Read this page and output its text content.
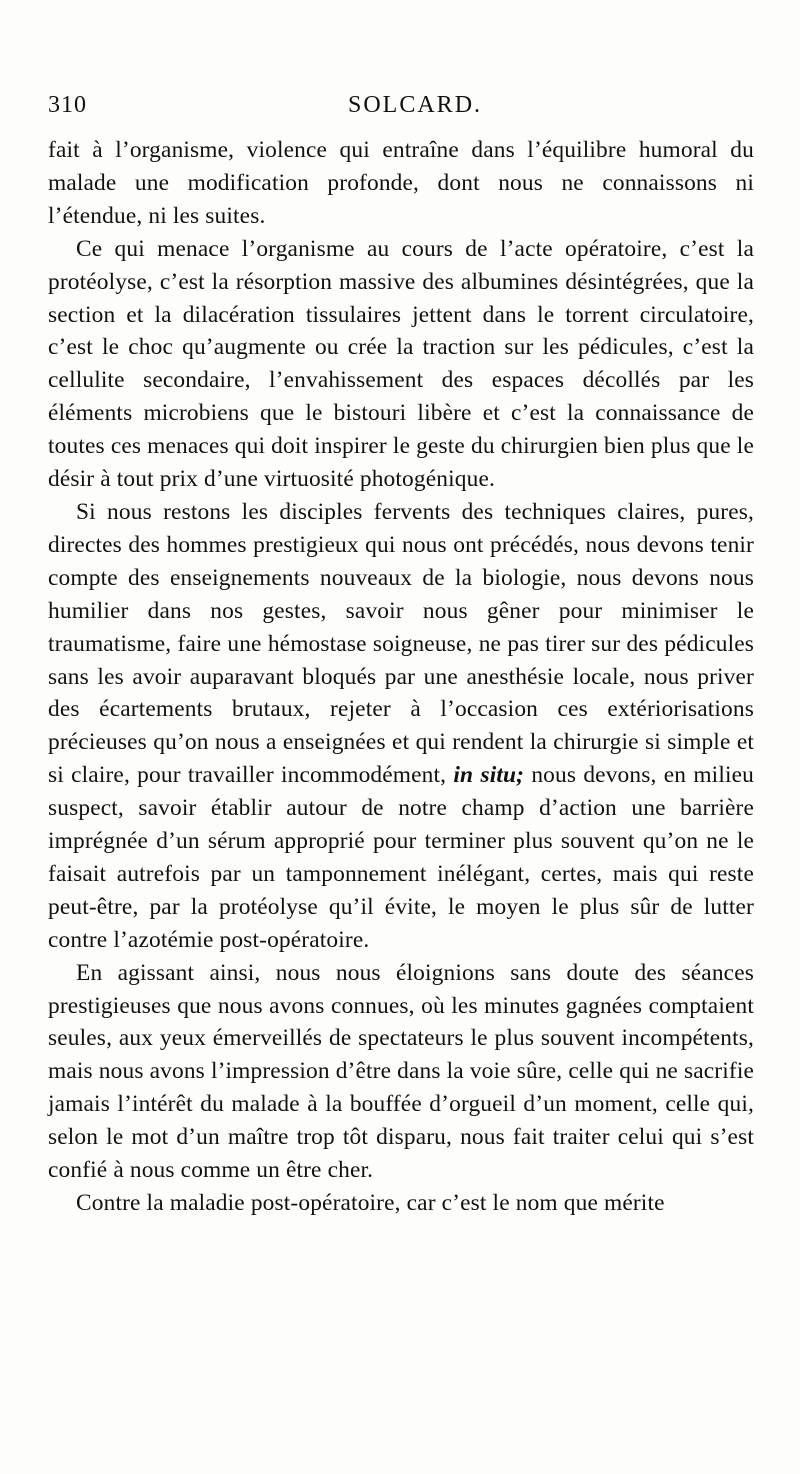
310	SOLCARD.

fait à l’organisme, violence qui entraîne dans l’équilibre humoral du malade une modification profonde, dont nous ne connaissons ni l’étendue, ni les suites.

Ce qui menace l’organisme au cours de l’acte opératoire, c’est la protéolyse, c’est la résorption massive des albumines désintégrées, que la section et la dilacération tissulaires jettent dans le torrent circulatoire, c’est le choc qu’augmente ou crée la traction sur les pédicules, c’est la cellulite secondaire, l’envahissement des espaces décollés par les éléments microbiens que le bistouri libère et c’est la connaissance de toutes ces menaces qui doit inspirer le geste du chirurgien bien plus que le désir à tout prix d’une virtuosité photogénique.

Si nous restons les disciples fervents des techniques claires, pures, directes des hommes prestigieux qui nous ont précédés, nous devons tenir compte des enseignements nouveaux de la biologie, nous devons nous humilier dans nos gestes, savoir nous gêner pour minimiser le traumatisme, faire une hémostase soigneuse, ne pas tirer sur des pédicules sans les avoir auparavant bloqués par une anesthésie locale, nous priver des écartements brutaux, rejeter à l’occasion ces extériorisations précieuses qu’on nous a enseignées et qui rendent la chirurgie si simple et si claire, pour travailler incommodément, in situ; nous devons, en milieu suspect, savoir établir autour de notre champ d’action une barrière imprégnée d’un sérum approprié pour terminer plus souvent qu’on ne le faisait autrefois par un tamponnement inélégant, certes, mais qui reste peut-être, par la protéolyse qu’il évite, le moyen le plus sûr de lutter contre l’azotémie post-opératoire.

En agissant ainsi, nous nous éloignions sans doute des séances prestigieuses que nous avons connues, où les minutes gagnées comptaient seules, aux yeux émerveillés de spectateurs le plus souvent incompétents, mais nous avons l’impression d’être dans la voie sûre, celle qui ne sacrifie jamais l’intérêt du malade à la bouffée d’orgueil d’un moment, celle qui, selon le mot d’un maître trop tôt disparu, nous fait traiter celui qui s’est confié à nous comme un être cher.

Contre la maladie post-opératoire, car c’est le nom que mérite
